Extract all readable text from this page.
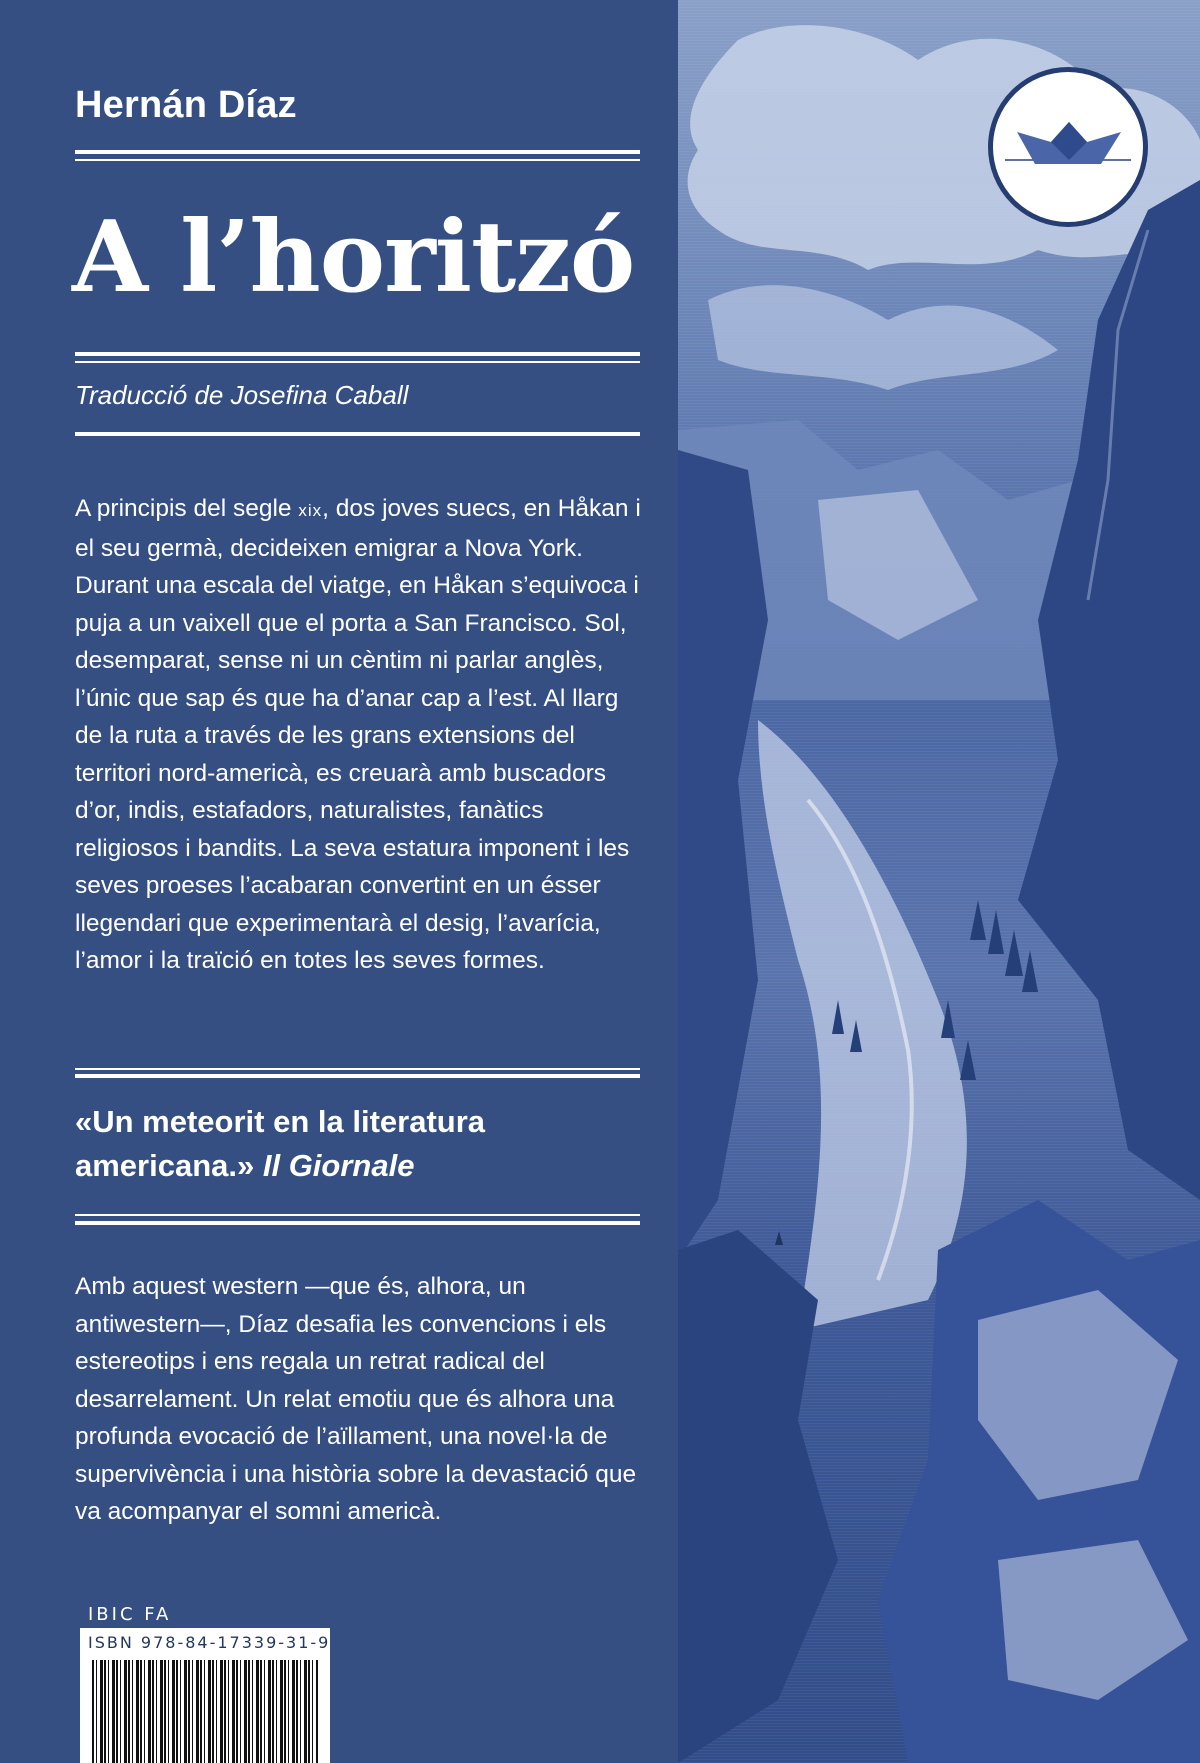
Hernán Díaz
A l’horitzó
Traducció de Josefina Caball

A principis del segle xix, dos joves suecs, en Håkan i el seu germà, decideixen emigrar a Nova York. Durant una escala del viatge, en Håkan s’equivoca i puja a un vaixell que el porta a San Francisco. Sol, desemparat, sense ni un cèntim ni parlar anglès, l’únic que sap és que ha d’anar cap a l’est. Al llarg de la ruta a través de les grans extensions del territori nord-americà, es creuarà amb buscadors d’or, indis, estafadors, naturalistes, fanàtics religiosos i bandits. La seva estatura imponent i les seves proeses l’acabaran convertint en un ésser llegendari que experimentarà el desig, l’avarícia, l’amor i la traïció en totes les seves formes.

«Un meteorit en la literatura americana.» Il Giornale

Amb aquest western —que és, alhora, un antiwestern—, Díaz desafia les convencions i els estereotips i ens regala un retrat radical del desarrelament. Un relat emotiu que és alhora una profunda evocació de l’aïllament, una novel·la de supervivència i una història sobre la devastació que va acompanyar el somni americà.

IBIC FA
ISBN 978-84-17339-31-9
